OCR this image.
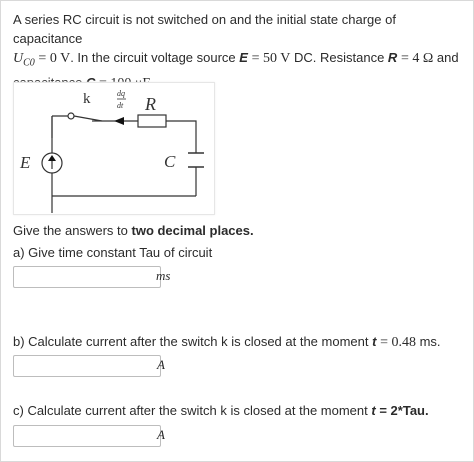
A series RC circuit is not switched on and the initial state charge of capacitance
$U_{C0} = 0$ V. In the circuit voltage source E = 50 V DC. Resistance R = 4 Ω and

k	dq
dt R
E	C
Give the answers to two decimal places.
a) Give time constant Tau of circuit
ms
b) Calculate current after the switch k is closed at the moment t = 0.48 ms.
A
c) Calculate current after the switch k is closed at the moment t = 2*Tau.
A
